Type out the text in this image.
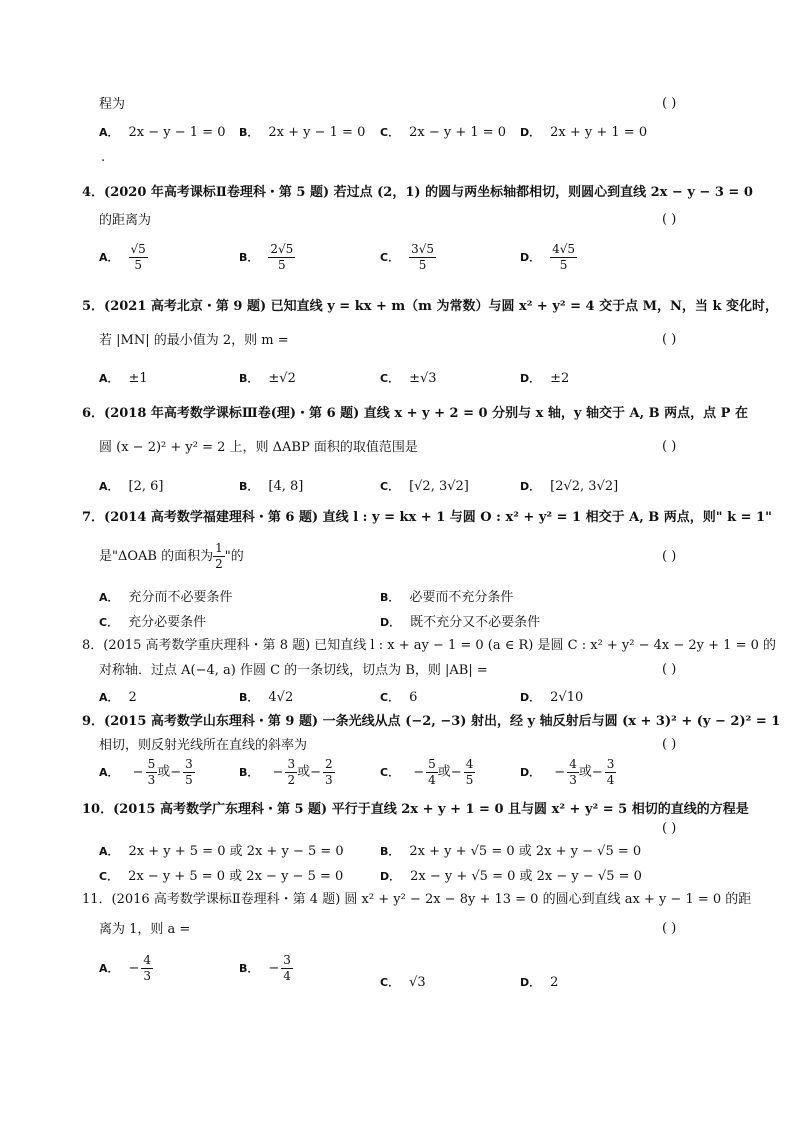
程为	( )
A． 2x − y − 1 = 0 B． 2x + y − 1 = 0 C． 2x − y + 1 = 0 D． 2x + y + 1 = 0
.
4．(2020 年高考课标Ⅱ卷理科・第 5 题) 若过点 (2，1) 的圆与两坐标轴都相切，则圆心到直线 2x − y − 3 = 0
的距离为	( )
A． $\frac{√5}{5}$	B． $\frac{2√5}{5}$	C． $\frac{3√5}{5}$	D． $\frac{4√5}{5}$
5．(2021 高考北京・第 9 题) 已知直线 y = kx + m（m 为常数）与圆 x² + y² = 4 交于点 M，N，当 k 变化时，
若 |MN| 的最小值为 2，则 m =	( )
A． ±1	B． ±√2	C． ±√3	D． ±2
6．(2018 年高考数学课标Ⅲ卷(理)・第 6 题) 直线 x + y + 2 = 0 分别与 x 轴，y 轴交于 A, B 两点，点 P 在
圆 (x − 2)² + y² = 2 上，则 ΔABP 面积的取值范围是	( )
A． [2, 6]	B． [4, 8]	C． [√2, 3√2]	D． [2√2, 3√2]
7．(2014 高考数学福建理科・第 6 题) 直线 l : y = kx + 1 与圆 O : x² + y² = 1 相交于 A, B 两点，则" k = 1"
是"ΔOAB 的面积为 $\frac{1}{2}$ "的	( )
A． 充分而不必要条件	B． 必要而不充分条件
C． 充分必要条件	D． 既不充分又不必要条件
8．(2015 高考数学重庆理科・第 8 题) 已知直线 l : x + ay − 1 = 0 (a ∈ R) 是圆 C : x² + y² − 4x − 2y + 1 = 0 的
对称轴．过点 A(−4, a) 作圆 C 的一条切线，切点为 B，则 |AB| =	( )
A． 2	B． 4√2	C． 6	D． 2√10
9．(2015 高考数学山东理科・第 9 题) 一条光线从点 (−2, −3) 射出，经 y 轴反射后与圆 (x + 3)² + (y − 2)² = 1
相切，则反射光线所在直线的斜率为	( )
A． − $\frac{5}{3}$ 或 − $\frac{3}{5}$	B． − $\frac{3}{2}$ 或 − $\frac{2}{3}$	C． − $\frac{5}{4}$ 或 − $\frac{4}{5}$	D． − $\frac{4}{3}$ 或 − $\frac{3}{4}$
10．(2015 高考数学广东理科・第 5 题) 平行于直线 2x + y + 1 = 0 且与圆 x² + y² = 5 相切的直线的方程是
( )
A． 2x + y + 5 = 0 或 2x + y − 5 = 0	B． 2x + y + √5 = 0 或 2x + y − √5 = 0
C． 2x − y + 5 = 0 或 2x − y − 5 = 0	D． 2x − y + √5 = 0 或 2x − y − √5 = 0
11．(2016 高考数学课标Ⅱ卷理科・第 4 题) 圆 x² + y² − 2x − 8y + 13 = 0 的圆心到直线 ax + y − 1 = 0 的距
离为 1，则 a =	( )
A． − $\frac{4}{3}$	B． − $\frac{3}{4}$	C． √3	D． 2
